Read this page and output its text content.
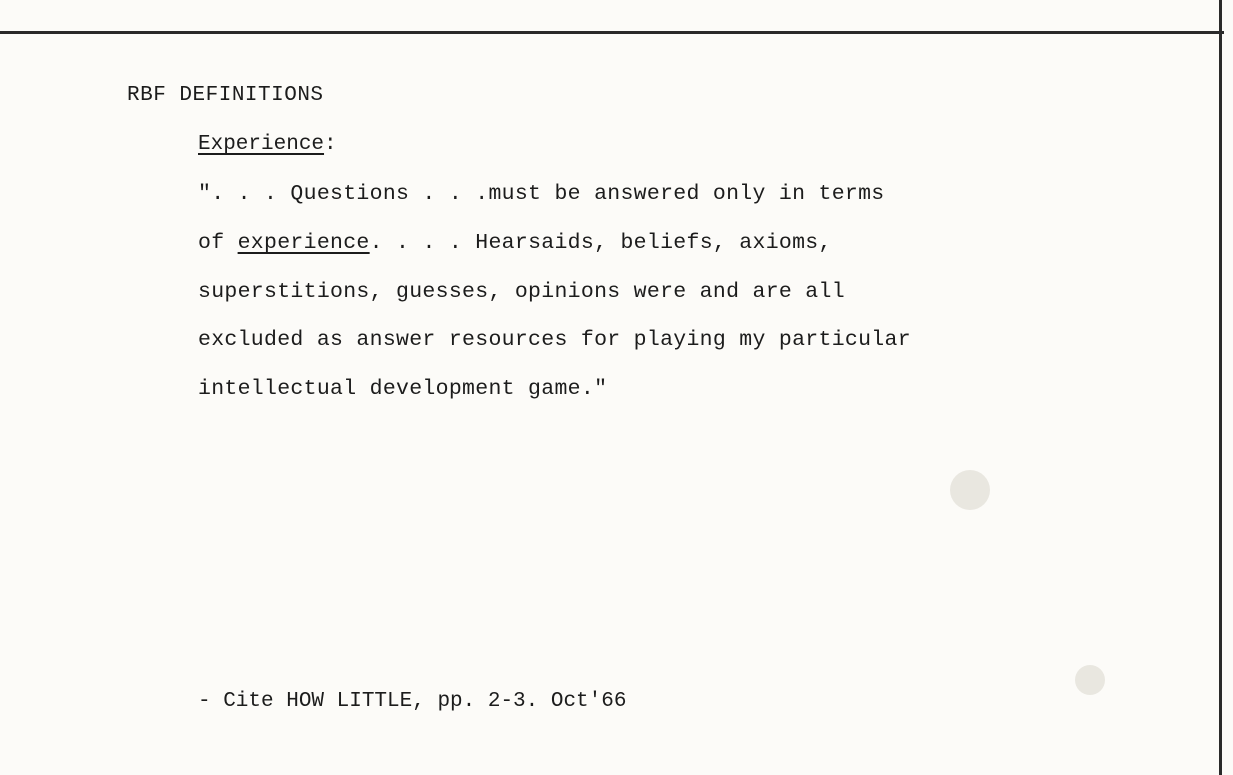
RBF DEFINITIONS
Experience:
". . . Questions . . .must be answered only in terms
of experience. . . . Hearsaids, beliefs, axioms,
superstitions, guesses, opinions were and are all
excluded as answer resources for playing my particular
intellectual development game."
- Cite HOW LITTLE, pp. 2-3. Oct'66
